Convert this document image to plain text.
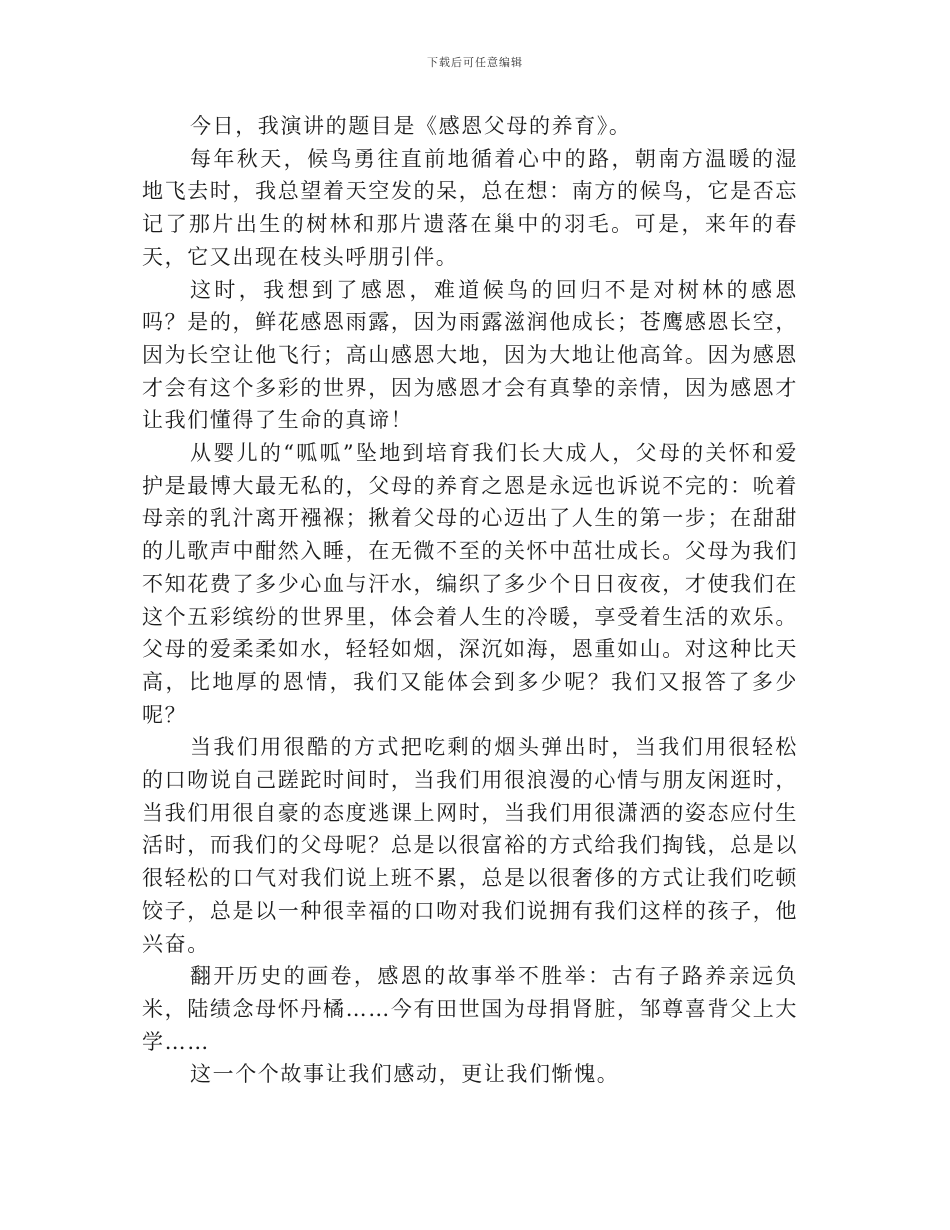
下载后可任意编辑

今日，我演讲的题目是《感恩父母的养育》。

每年秋天，候鸟勇往直前地循着心中的路，朝南方温暖的湿地飞去时，我总望着天空发的呆，总在想：南方的候鸟，它是否忘记了那片出生的树林和那片遗落在巢中的羽毛。可是，来年的春天，它又出现在枝头呼朋引伴。

这时，我想到了感恩，难道候鸟的回归不是对树林的感恩吗？是的，鲜花感恩雨露，因为雨露滋润他成长；苍鹰感恩长空，因为长空让他飞行；高山感恩大地，因为大地让他高耸。因为感恩才会有这个多彩的世界，因为感恩才会有真挚的亲情，因为感恩才让我们懂得了生命的真谛！

从婴儿的“呱呱”坠地到培育我们长大成人，父母的关怀和爱护是最博大最无私的，父母的养育之恩是永远也诉说不完的：吮着母亲的乳汁离开襁褓；揪着父母的心迈出了人生的第一步；在甜甜的儿歌声中酣然入睡，在无微不至的关怀中茁壮成长。父母为我们不知花费了多少心血与汗水，编织了多少个日日夜夜，才使我们在这个五彩缤纷的世界里，体会着人生的冷暖，享受着生活的欢乐。父母的爱柔柔如水，轻轻如烟，深沉如海，恩重如山。对这种比天高，比地厚的恩情，我们又能体会到多少呢？我们又报答了多少呢？

当我们用很酷的方式把吃剩的烟头弹出时，当我们用很轻松的口吻说自己蹉跎时间时，当我们用很浪漫的心情与朋友闲逛时，当我们用很自豪的态度逃课上网时，当我们用很潇洒的姿态应付生活时，而我们的父母呢？总是以很富裕的方式给我们掏钱，总是以很轻松的口气对我们说上班不累，总是以很奢侈的方式让我们吃顿饺子，总是以一种很幸福的口吻对我们说拥有我们这样的孩子，他兴奋。

翻开历史的画卷，感恩的故事举不胜举：古有子路养亲远负米，陆绩念母怀丹橘……今有田世国为母捐肾脏，邹尊喜背父上大学……

这一个个故事让我们感动，更让我们惭愧。
